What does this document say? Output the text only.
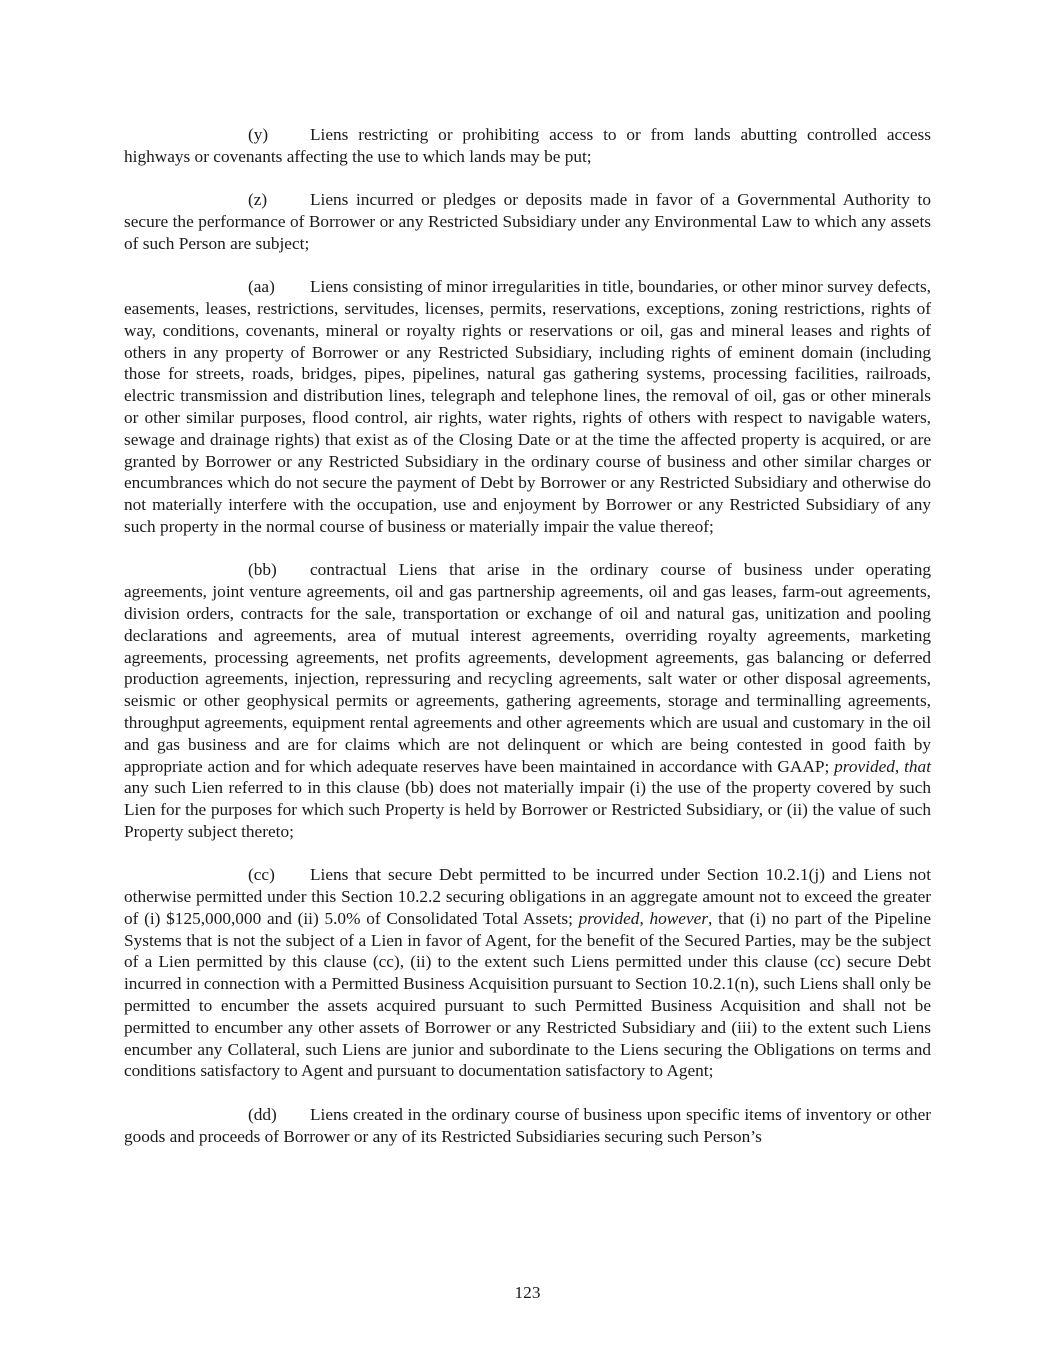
(y) Liens restricting or prohibiting access to or from lands abutting controlled access highways or covenants affecting the use to which lands may be put;

(z) Liens incurred or pledges or deposits made in favor of a Governmental Authority to secure the performance of Borrower or any Restricted Subsidiary under any Environmental Law to which any assets of such Person are subject;

(aa) Liens consisting of minor irregularities in title, boundaries, or other minor survey defects, easements, leases, restrictions, servitudes, licenses, permits, reservations, exceptions, zoning restrictions, rights of way, conditions, covenants, mineral or royalty rights or reservations or oil, gas and mineral leases and rights of others in any property of Borrower or any Restricted Subsidiary, including rights of eminent domain (including those for streets, roads, bridges, pipes, pipelines, natural gas gathering systems, processing facilities, railroads, electric transmission and distribution lines, telegraph and telephone lines, the removal of oil, gas or other minerals or other similar purposes, flood control, air rights, water rights, rights of others with respect to navigable waters, sewage and drainage rights) that exist as of the Closing Date or at the time the affected property is acquired, or are granted by Borrower or any Restricted Subsidiary in the ordinary course of business and other similar charges or encumbrances which do not secure the payment of Debt by Borrower or any Restricted Subsidiary and otherwise do not materially interfere with the occupation, use and enjoyment by Borrower or any Restricted Subsidiary of any such property in the normal course of business or materially impair the value thereof;

(bb) contractual Liens that arise in the ordinary course of business under operating agreements, joint venture agreements, oil and gas partnership agreements, oil and gas leases, farm-out agreements, division orders, contracts for the sale, transportation or exchange of oil and natural gas, unitization and pooling declarations and agreements, area of mutual interest agreements, overriding royalty agreements, marketing agreements, processing agreements, net profits agreements, development agreements, gas balancing or deferred production agreements, injection, repressuring and recycling agreements, salt water or other disposal agreements, seismic or other geophysical permits or agreements, gathering agreements, storage and terminalling agreements, throughput agreements, equipment rental agreements and other agreements which are usual and customary in the oil and gas business and are for claims which are not delinquent or which are being contested in good faith by appropriate action and for which adequate reserves have been maintained in accordance with GAAP; provided, that any such Lien referred to in this clause (bb) does not materially impair (i) the use of the property covered by such Lien for the purposes for which such Property is held by Borrower or Restricted Subsidiary, or (ii) the value of such Property subject thereto;

(cc) Liens that secure Debt permitted to be incurred under Section 10.2.1(j) and Liens not otherwise permitted under this Section 10.2.2 securing obligations in an aggregate amount not to exceed the greater of (i) $125,000,000 and (ii) 5.0% of Consolidated Total Assets; provided, however, that (i) no part of the Pipeline Systems that is not the subject of a Lien in favor of Agent, for the benefit of the Secured Parties, may be the subject of a Lien permitted by this clause (cc), (ii) to the extent such Liens permitted under this clause (cc) secure Debt incurred in connection with a Permitted Business Acquisition pursuant to Section 10.2.1(n), such Liens shall only be permitted to encumber the assets acquired pursuant to such Permitted Business Acquisition and shall not be permitted to encumber any other assets of Borrower or any Restricted Subsidiary and (iii) to the extent such Liens encumber any Collateral, such Liens are junior and subordinate to the Liens securing the Obligations on terms and conditions satisfactory to Agent and pursuant to documentation satisfactory to Agent;

(dd) Liens created in the ordinary course of business upon specific items of inventory or other goods and proceeds of Borrower or any of its Restricted Subsidiaries securing such Person’s

123
